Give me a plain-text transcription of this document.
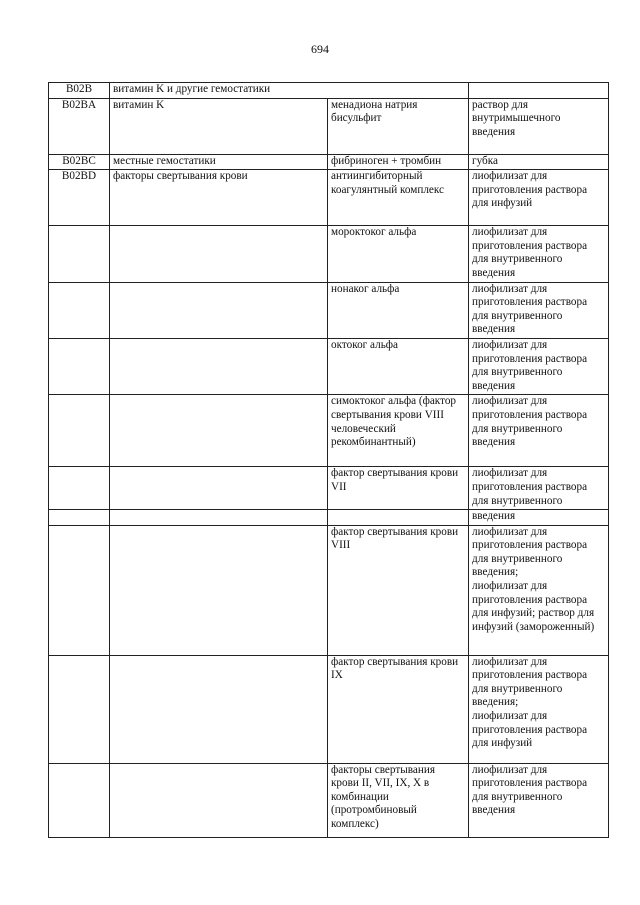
694
B02B	витамин K и другие гемостатики		
B02BA	витамин K	менадиона натрия бисульфит	раствор для внутримышечного введения
B02BC	местные гемостатики	фибриноген + тромбин	губка
B02BD	факторы свертывания крови	антиингибиторный коагулянтный комплекс	лиофилизат для приготовления раствора для инфузий
		мороктоког альфа	лиофилизат для приготовления раствора для внутривенного введения
		нонаког альфа	лиофилизат для приготовления раствора для внутривенного введения
		октоког альфа	лиофилизат для приготовления раствора для внутривенного введения
		симоктоког альфа (фактор свертывания крови VIII человеческий рекомбинантный)	лиофилизат для приготовления раствора для внутривенного введения
		фактор свертывания крови VII	лиофилизат для приготовления раствора для внутривенного
			введения
		фактор свертывания крови VIII	лиофилизат для приготовления раствора для внутривенного введения;
лиофилизат для приготовления раствора для инфузий; раствор для инфузий (замороженный)
		фактор свертывания крови IX	лиофилизат для приготовления раствора для внутривенного введения;
лиофилизат для приготовления раствора для инфузий
		факторы свертывания крови II, VII, IX, X в комбинации (протромбиновый комплекс)	лиофилизат для приготовления раствора для внутривенного введения
